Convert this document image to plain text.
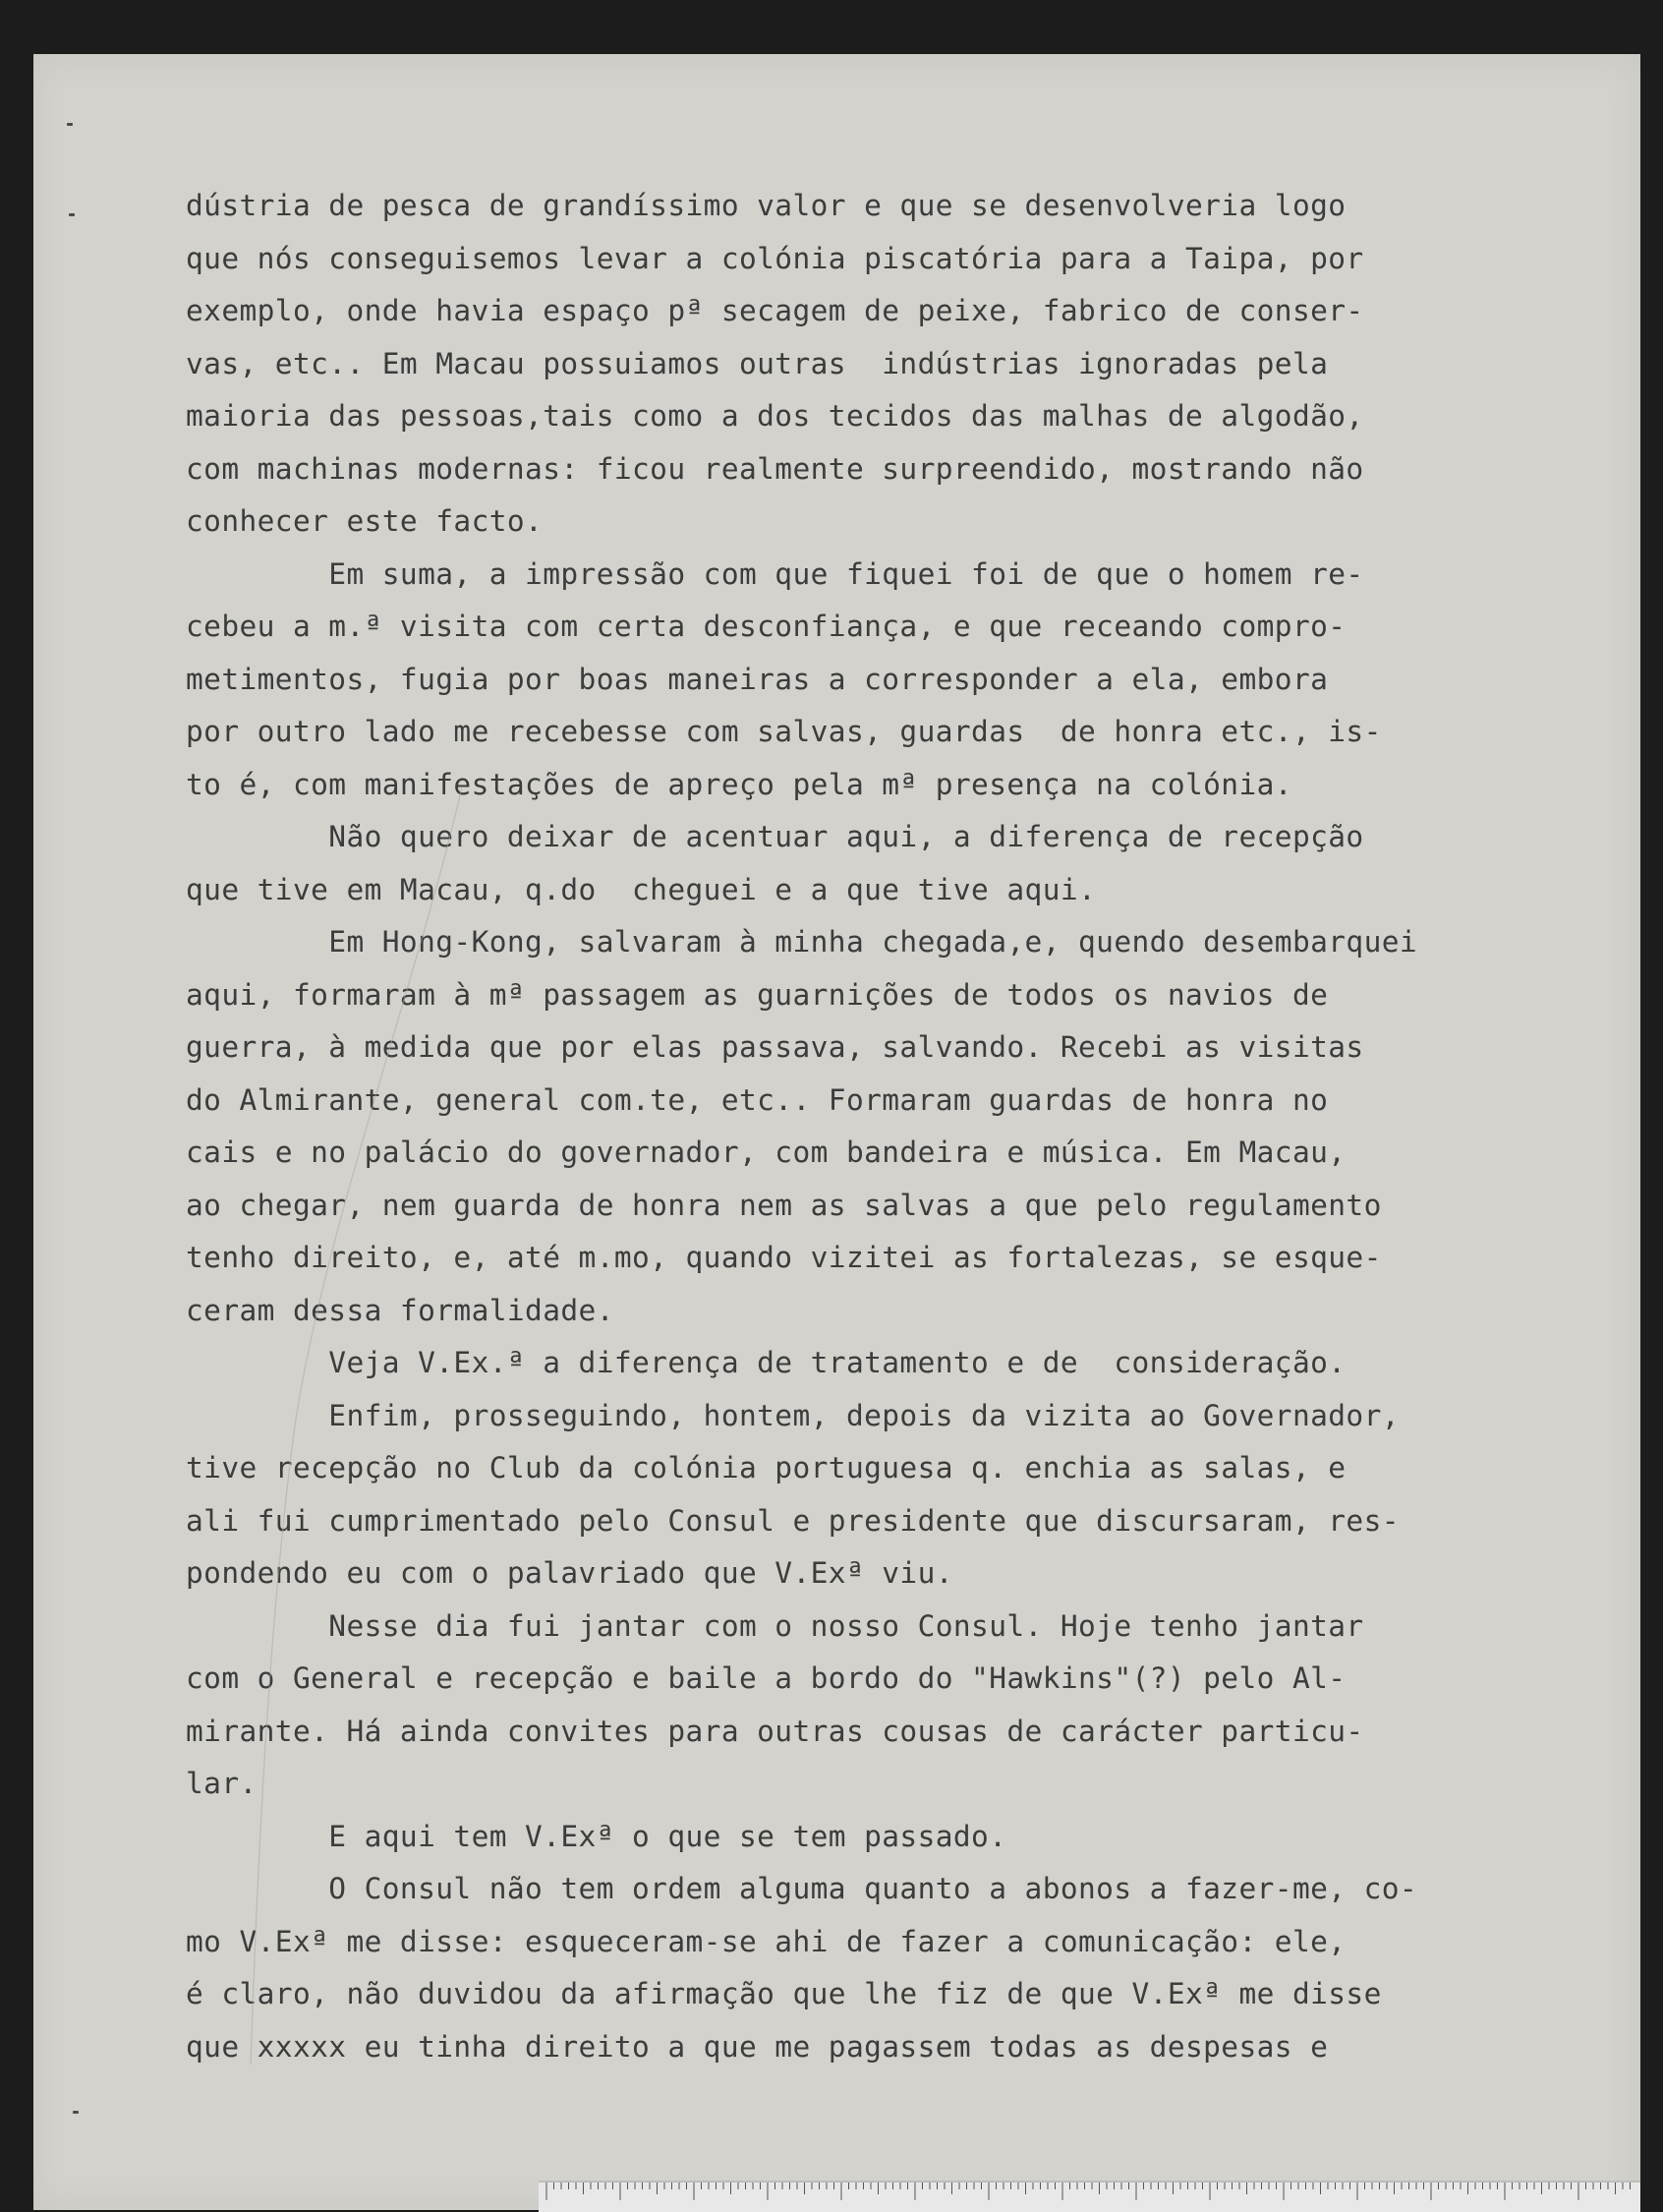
dústria de pesca de grandíssimo valor e que se desenvolveria logo
que nós conseguisemos levar a colónia piscatória para a Taipa, por
exemplo, onde havia espaço pª secagem de peixe, fabrico de conser-
vas, etc.. Em Macau possuiamos outras  indústrias ignoradas pela
maioria das pessoas,tais como a dos tecidos das malhas de algodão,
com machinas modernas: ficou realmente surpreendido, mostrando não
conhecer este facto.
Em suma, a impressão com que fiquei foi de que o homem re-
cebeu a m.ª visita com certa desconfiança, e que receando compro-
metimentos, fugia por boas maneiras a corresponder a ela, embora
por outro lado me recebesse com salvas, guardas  de honra etc., is-
to é, com manifestações de apreço pela mª presença na colónia.
Não quero deixar de acentuar aqui, a diferença de recepção
que tive em Macau, q.do  cheguei e a que tive aqui.
Em Hong-Kong, salvaram à minha chegada,e, quendo desembarquei
aqui, formaram à mª passagem as guarnições de todos os navios de
guerra, à medida que por elas passava, salvando. Recebi as visitas
do Almirante, general com.te, etc.. Formaram guardas de honra no
cais e no palácio do governador, com bandeira e música. Em Macau,
ao chegar, nem guarda de honra nem as salvas a que pelo regulamento
tenho direito, e, até m.mo, quando vizitei as fortalezas, se esque-
ceram dessa formalidade.
Veja V.Ex.ª a diferença de tratamento e de  consideração.
Enfim, prosseguindo, hontem, depois da vizita ao Governador,
tive recepção no Club da colónia portuguesa q. enchia as salas, e
ali fui cumprimentado pelo Consul e presidente que discursaram, res-
pondendo eu com o palavriado que V.Exª viu.
Nesse dia fui jantar com o nosso Consul. Hoje tenho jantar
com o General e recepção e baile a bordo do "Hawkins"(?) pelo Al-
mirante. Há ainda convites para outras cousas de carácter particu-
lar.
E aqui tem V.Exª o que se tem passado.
O Consul não tem ordem alguma quanto a abonos a fazer-me, co-
mo V.Exª me disse: esqueceram-se ahi de fazer a comunicação: ele,
é claro, não duvidou da afirmação que lhe fiz de que V.Exª me disse
que xxxxx eu tinha direito a que me pagassem todas as despesas e
